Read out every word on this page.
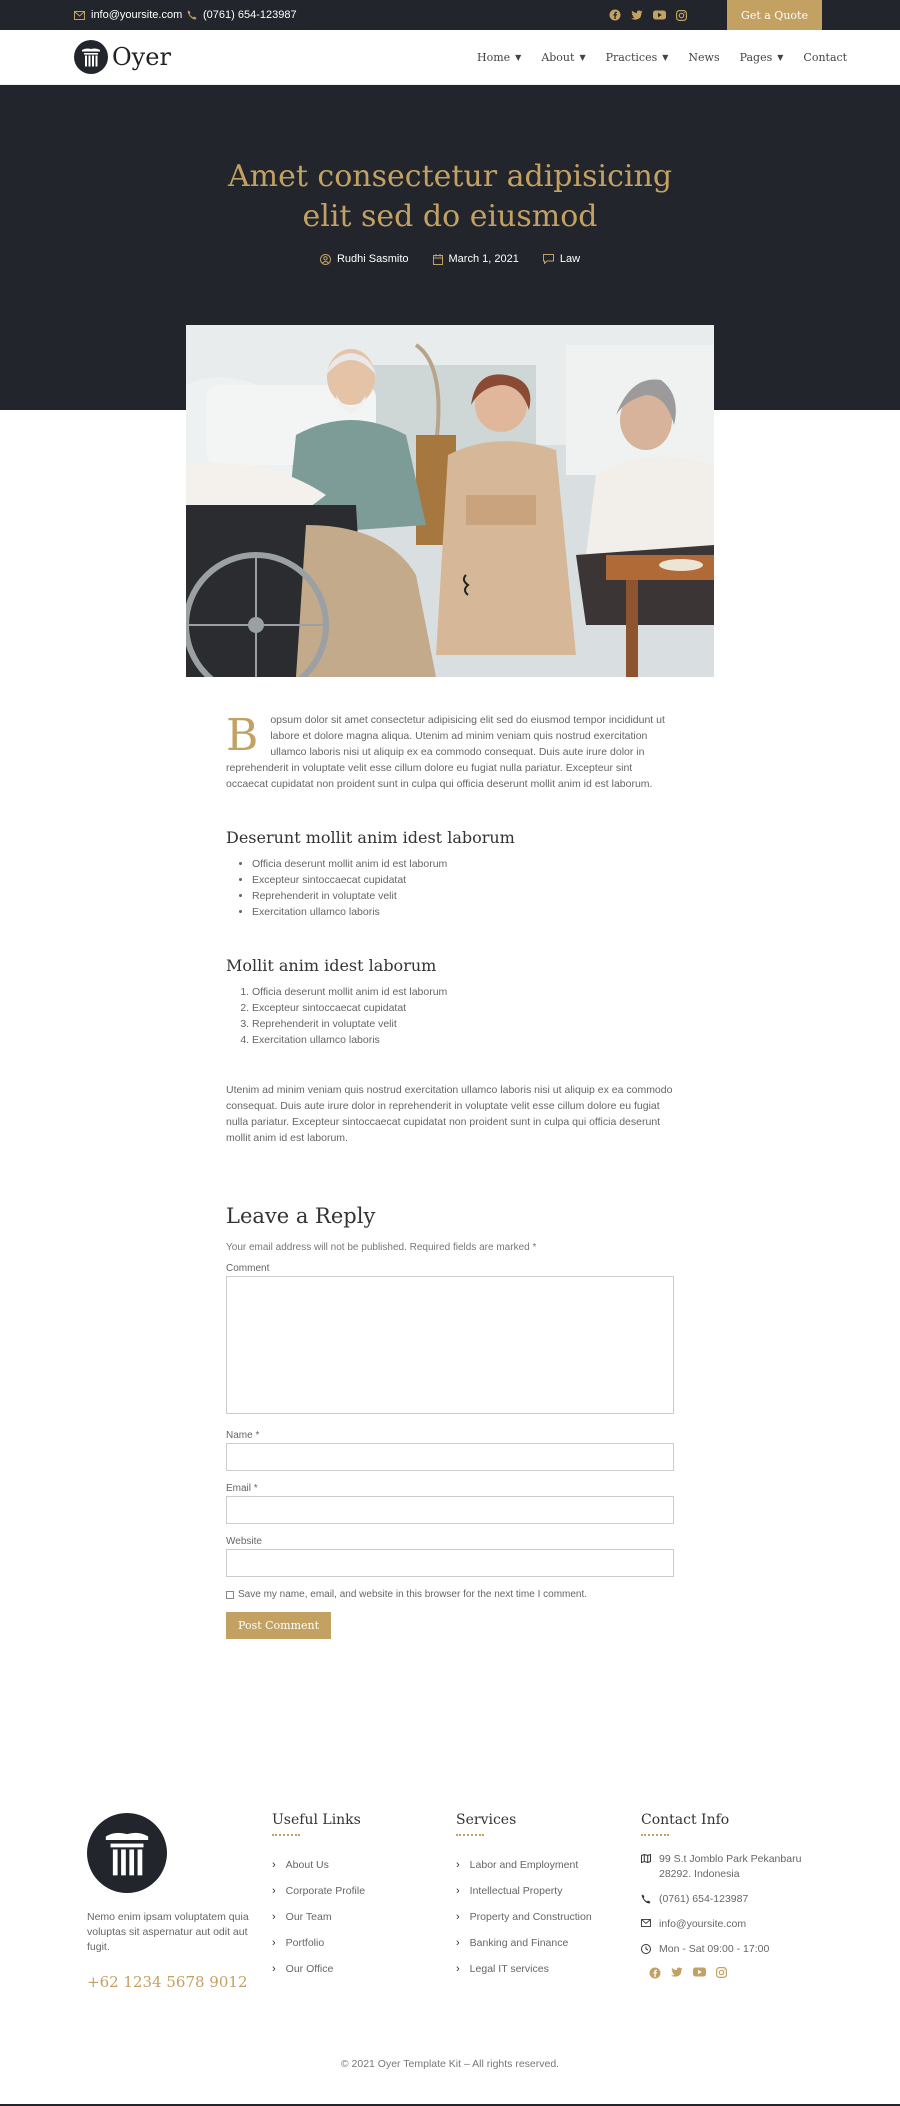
info@yoursite.com (0761) 654-123987	Get a Quote
Oyer	Home ▼ About ▼ Practices ▼ News Pages ▼ Contact
Amet consectetur adipisicing
elit sed do eiusmod
Rudhi Sasmito	March 1, 2021	Law

B opsum dolor sit amet consectetur adipisicing elit sed do eiusmod tempor incididunt ut labore et dolore magna aliqua. Utenim ad minim veniam quis nostrud exercitation ullamco laboris nisi ut aliquip ex ea commodo consequat. Duis aute irure dolor in reprehenderit in voluptate velit esse cillum dolore eu fugiat nulla pariatur. Excepteur sint occaecat cupidatat non proident sunt in culpa qui officia deserunt mollit anim id est laborum.

Deserunt mollit anim idest laborum
• Officia deserunt mollit anim id est laborum
• Excepteur sintoccaecat cupidatat
• Reprehenderit in voluptate velit
• Exercitation ullamco laboris
Mollit anim idest laborum
1. Officia deserunt mollit anim id est laborum
2. Excepteur sintoccaecat cupidatat
3. Reprehenderit in voluptate velit
4. Exercitation ullamco laboris

Utenim ad minim veniam quis nostrud exercitation ullamco laboris nisi ut aliquip ex ea commodo consequat. Duis aute irure dolor in reprehenderit in voluptate velit esse cillum dolore eu fugiat nulla pariatur. Excepteur sintoccaecat cupidatat non proident sunt in culpa qui officia deserunt mollit anim id est laborum.

Leave a Reply
Your email address will not be published. Required fields are marked *
Comment
Name *
Email *
Website
Save my name, email, and website in this browser for the next time I comment.
Post Comment

Nemo enim ipsam voluptatem quia voluptas sit aspernatur aut odit aut fugit.

+62 1234 5678 9012

Useful Links
› About Us
› Corporate Profile
› Our Team
› Portfolio
› Our Office
Services
› Labor and Employment
› Intellectual Property
› Property and Construction
› Banking and Finance
› Legal IT services
Contact Info
99 S.t Jomblo Park Pekanbaru
28292. Indonesia
(0761) 654-123987
info@yoursite.com
Mon - Sat 09:00 - 17:00
© 2021 Oyer Template Kit – All rights reserved.
